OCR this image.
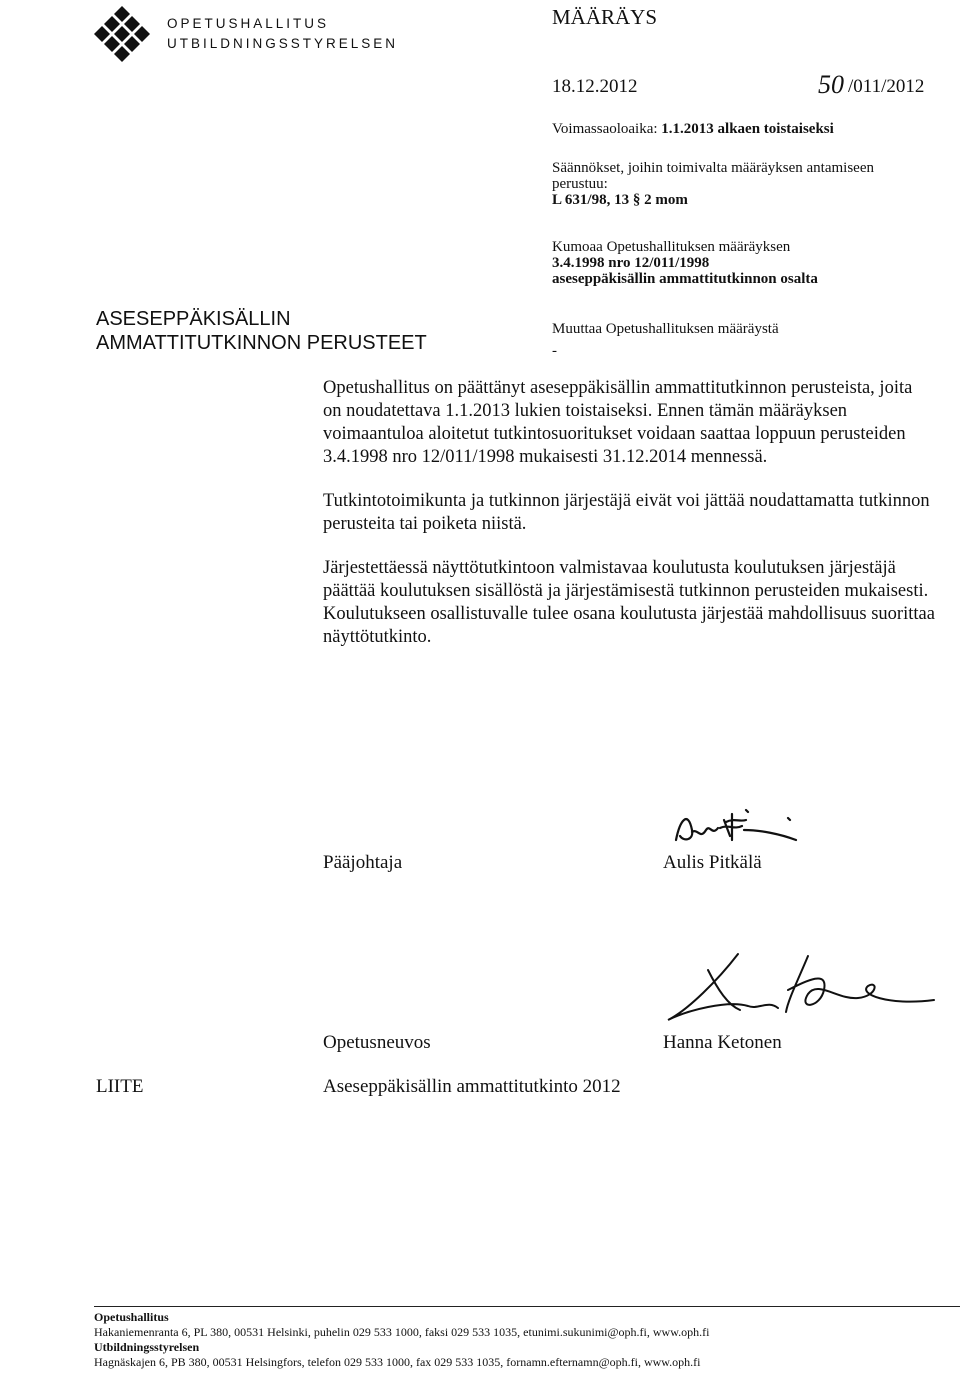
OPETUSHALLITUS
UTBILDNINGSSTYRELSEN
MÄÄRÄYS
18.12.2012	50 /011/2012
Voimassaoloaika: 1.1.2013 alkaen toistaiseksi
Säännökset, joihin toimivalta määräyksen antamiseen
perustuu:
L 631/98, 13 § 2 mom
Kumoaa Opetushallituksen määräyksen
3.4.1998 nro 12/011/1998
aseseppäkisällin ammattitutkinnon osalta
Muuttaa Opetushallituksen määräystä
-
ASESEPPÄKISÄLLIN
AMMATTITUTKINNON PERUSTEET

Opetushallitus on päättänyt aseseppäkisällin ammattitutkinnon perusteista, joita on noudatettava 1.1.2013 lukien toistaiseksi. Ennen tämän määräyksen voimaantuloa aloitetut tutkintosuoritukset voidaan saattaa loppuun perusteiden 3.4.1998 nro 12/011/1998 mukaisesti 31.12.2014 mennessä.

Tutkintotoimikunta ja tutkinnon järjestäjä eivät voi jättää noudattamatta tutkinnon perusteita tai poiketa niistä.

Järjestettäessä näyttötutkintoon valmistavaa koulutusta koulutuksen järjestäjä päättää koulutuksen sisällöstä ja järjestämisestä tutkinnon perusteiden mukaisesti. Koulutukseen osallistuvalle tulee osana koulutusta järjestää mahdollisuus suorittaa näyttötutkinto.

Pääjohtaja	Aulis Pitkälä
Opetusneuvos	Hanna Ketonen
LIITE	Aseseppäkisällin ammattitutkinto 2012
Opetushallitus
Hakaniemenranta 6, PL 380, 00531 Helsinki, puhelin 029 533 1000, faksi 029 533 1035, etunimi.sukunimi@oph.fi, www.oph.fi
Utbildningsstyrelsen
Hagnäskajen 6, PB 380, 00531 Helsingfors, telefon 029 533 1000, fax 029 533 1035, fornamn.efternamn@oph.fi, www.oph.fi
